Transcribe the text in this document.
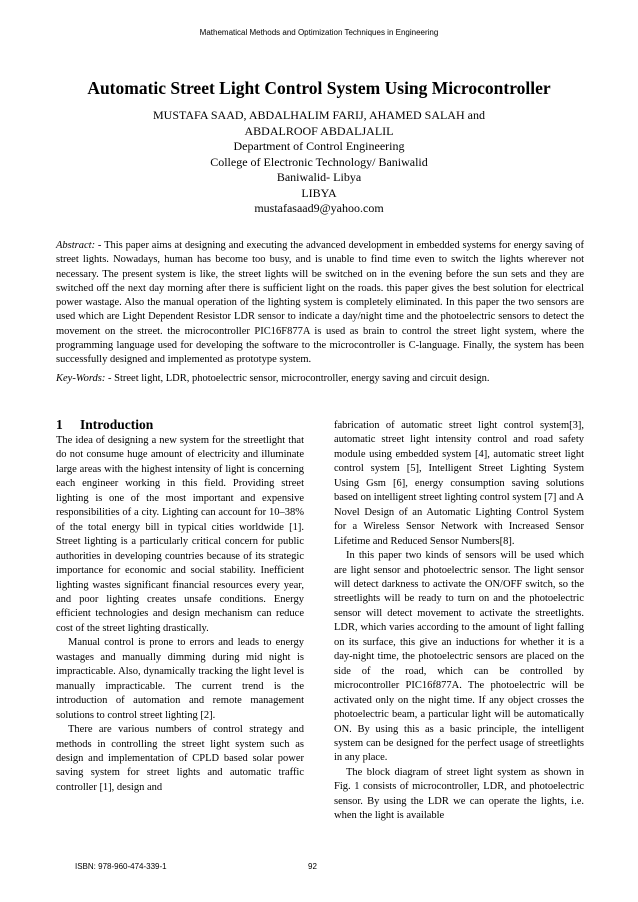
Mathematical Methods and Optimization Techniques in Engineering
Automatic Street Light Control System Using Microcontroller
MUSTAFA SAAD, ABDALHALIM FARIJ, AHAMED SALAH and
ABDALROOF ABDALJALIL
Department of Control Engineering
College of Electronic Technology/ Baniwalid
Baniwalid- Libya
LIBYA
mustafasaad9@yahoo.com

Abstract: - This paper aims at designing and executing the advanced development in embedded systems for energy saving of street lights. Nowadays, human has become too busy, and is unable to find time even to switch the lights wherever not necessary. The present system is like, the street lights will be switched on in the evening before the sun sets and they are switched off the next day morning after there is sufficient light on the roads. this paper gives the best solution for electrical power wastage. Also the manual operation of the lighting system is completely eliminated. In this paper the two sensors are used which are Light Dependent Resistor LDR sensor to indicate a day/night time and the photoelectric sensors to detect the movement on the street. the microcontroller PIC16F877A is used as brain to control the street light system, where the programming language used for developing the software to the microcontroller is C-language. Finally, the system has been successfully designed and implemented as prototype system.

Key-Words: - Street light, LDR, photoelectric sensor, microcontroller, energy saving and circuit design.

1 Introduction

The idea of designing a new system for the streetlight that do not consume huge amount of electricity and illuminate large areas with the highest intensity of light is concerning each engineer working in this field. Providing street lighting is one of the most important and expensive responsibilities of a city. Lighting can account for 10–38% of the total energy bill in typical cities worldwide [1]. Street lighting is a particularly critical concern for public authorities in developing countries because of its strategic importance for economic and social stability. Inefficient lighting wastes significant financial resources every year, and poor lighting creates unsafe conditions. Energy efficient technologies and design mechanism can reduce cost of the street lighting drastically.

Manual control is prone to errors and leads to energy wastages and manually dimming during mid night is impracticable. Also, dynamically tracking the light level is manually impracticable. The current trend is the introduction of automation and remote management solutions to control street lighting [2].

There are various numbers of control strategy and methods in controlling the street light system such as design and implementation of CPLD based solar power saving system for street lights and automatic traffic controller [1], design and

fabrication of automatic street light control system[3], automatic street light intensity control and road safety module using embedded system [4], automatic street light control system [5], Intelligent Street Lighting System Using Gsm [6], energy consumption saving solutions based on intelligent street lighting control system [7] and A Novel Design of an Automatic Lighting Control System for a Wireless Sensor Network with Increased Sensor Lifetime and Reduced Sensor Numbers[8].

In this paper two kinds of sensors will be used which are light sensor and photoelectric sensor. The light sensor will detect darkness to activate the ON/OFF switch, so the streetlights will be ready to turn on and the photoelectric sensor will detect movement to activate the streetlights. LDR, which varies according to the amount of light falling on its surface, this give an inductions for whether it is a day-night time, the photoelectric sensors are placed on the side of the road, which can be controlled by microcontroller PIC16f877A. The photoelectric will be activated only on the night time. If any object crosses the photoelectric beam, a particular light will be automatically ON. By using this as a basic principle, the intelligent system can be designed for the perfect usage of streetlights in any place.

The block diagram of street light system as shown in Fig. 1 consists of microcontroller, LDR, and photoelectric sensor. By using the LDR we can operate the lights, i.e. when the light is available

ISBN: 978-960-474-339-1	92
